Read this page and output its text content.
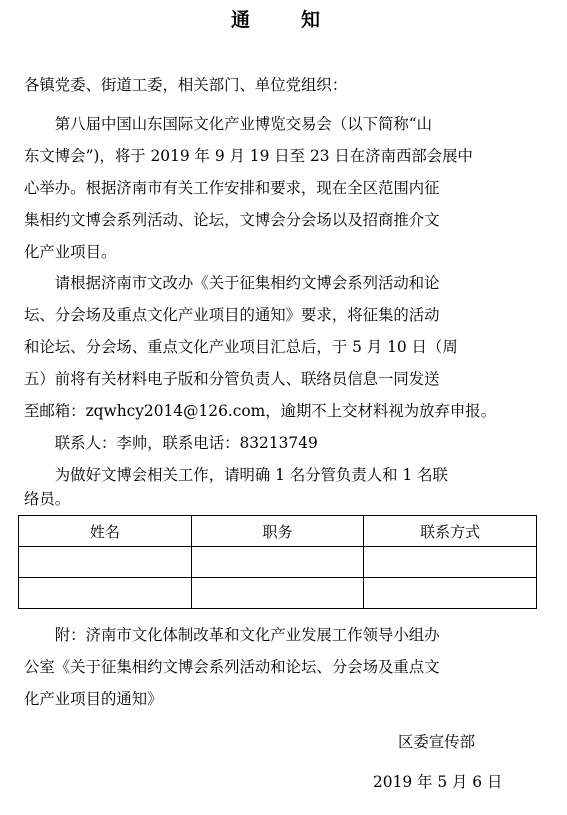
通　知
各镇党委、街道工委，相关部门、单位党组织：
　　第八届中国山东国际文化产业博览交易会（以下简称“山
东文博会”)，将于 2019 年 9 月 19 日至 23 日在济南西部会展中
心举办。根据济南市有关工作安排和要求，现在全区范围内征
集相约文博会系列活动、论坛，文博会分会场以及招商推介文
化产业项目。
　　请根据济南市文改办《关于征集相约文博会系列活动和论
坛、分会场及重点文化产业项目的通知》要求，将征集的活动
和论坛、分会场、重点文化产业项目汇总后，于 5 月 10 日（周
五）前将有关材料电子版和分管负责人、联络员信息一同发送
至邮箱：zqwhcy2014@126.com，逾期不上交材料视为放弃申报。
　　联系人：李帅，联系电话：83213749
　　为做好文博会相关工作，请明确 1 名分管负责人和 1 名联
络员。
姓名	职务	联系方式

　　附：济南市文化体制改革和文化产业发展工作领导小组办
公室《关于征集相约文博会系列活动和论坛、分会场及重点文
化产业项目的通知》
区委宣传部
2019 年 5 月 6 日
